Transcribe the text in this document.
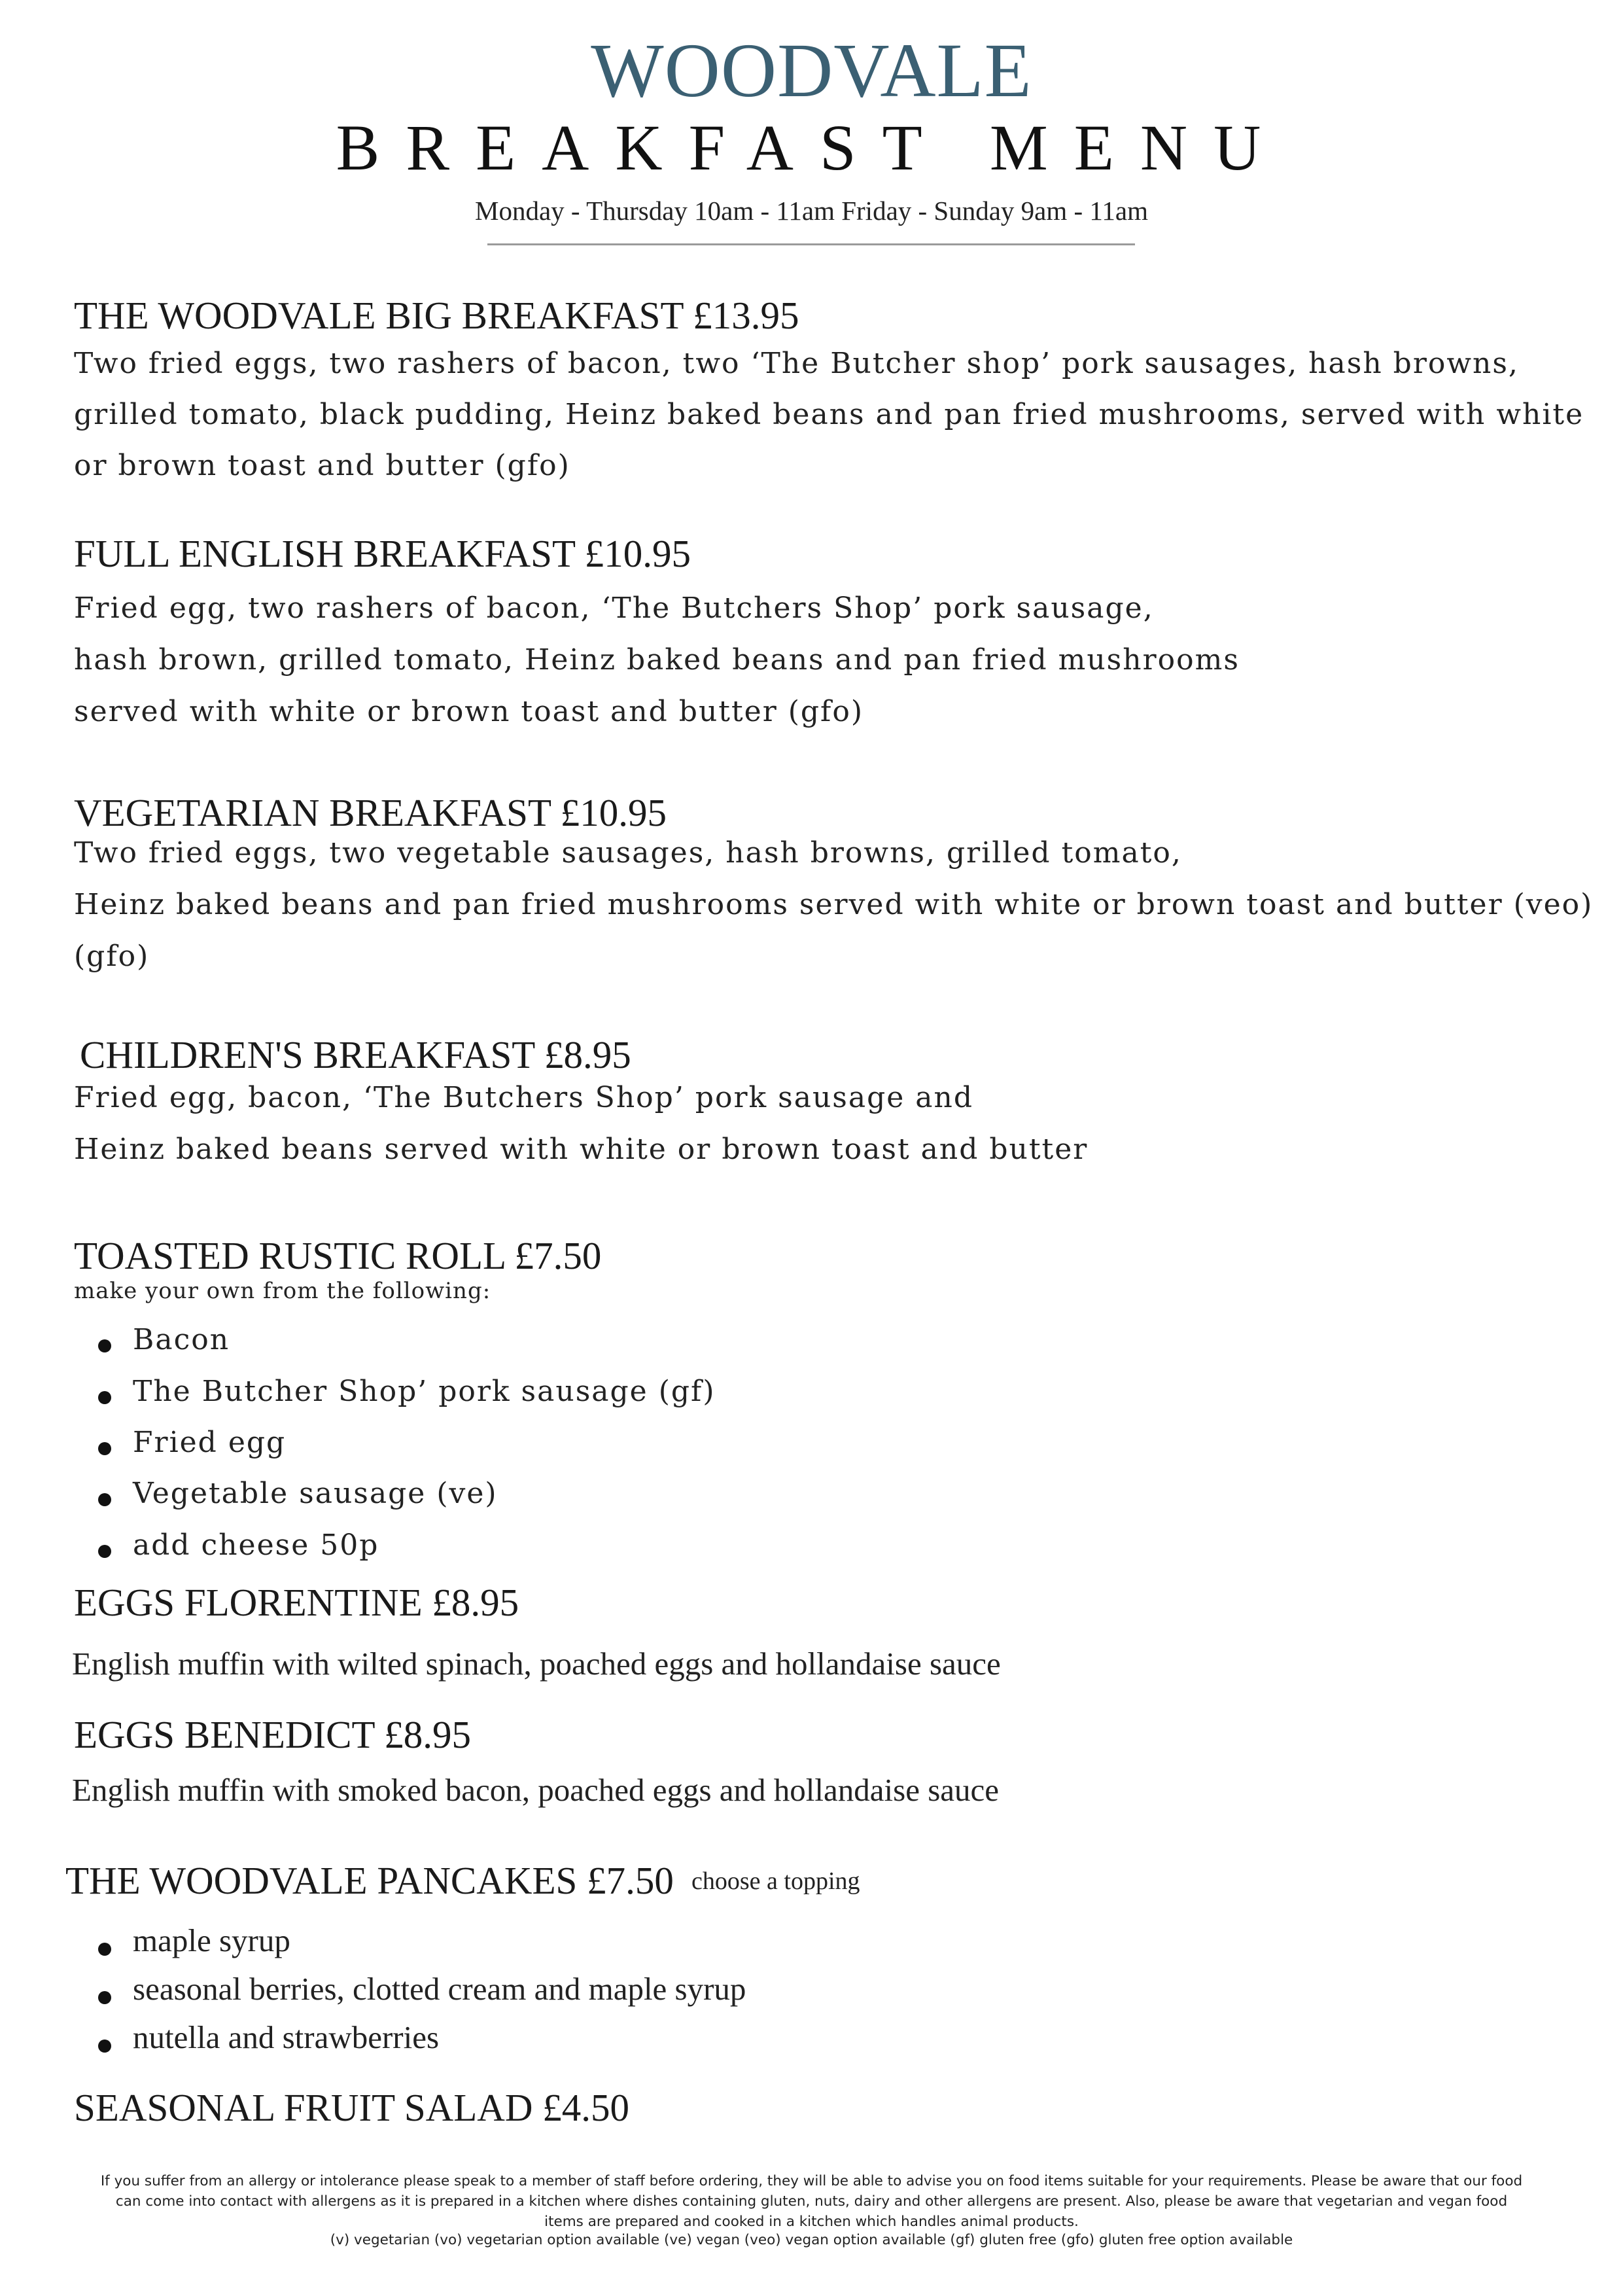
WOODVALE
BREAKFAST MENU
Monday - Thursday 10am - 11am Friday - Sunday 9am - 11am
THE WOODVALE BIG BREAKFAST £13.95
Two fried eggs, two rashers of bacon, two ‘The Butcher shop’ pork sausages, hash browns,
grilled tomato, black pudding, Heinz baked beans and pan fried mushrooms, served with white
or brown toast and butter (gfo)
FULL ENGLISH BREAKFAST £10.95
Fried egg, two rashers of bacon, ‘The Butchers Shop’ pork sausage,
hash brown, grilled tomato, Heinz baked beans and pan fried mushrooms
served with white or brown toast and butter (gfo)
VEGETARIAN BREAKFAST £10.95
Two fried eggs, two vegetable sausages, hash browns, grilled tomato,
Heinz baked beans and pan fried mushrooms served with white or brown toast and butter (veo)
(gfo)
CHILDREN'S BREAKFAST £8.95
Fried egg, bacon, ‘The Butchers Shop’ pork sausage and
Heinz baked beans served with white or brown toast and butter
TOASTED RUSTIC ROLL £7.50
make your own from the following:
Bacon
The Butcher Shop’ pork sausage (gf)
Fried egg
Vegetable sausage (ve)
add cheese 50p
EGGS FLORENTINE £8.95
English muffin with wilted spinach, poached eggs and hollandaise sauce
EGGS BENEDICT £8.95
English muffin with smoked bacon, poached eggs and hollandaise sauce
THE WOODVALE PANCAKES £7.50 choose a topping
maple syrup
seasonal berries, clotted cream and maple syrup
nutella and strawberries
SEASONAL FRUIT SALAD £4.50
If you suffer from an allergy or intolerance please speak to a member of staff before ordering, they will be able to advise you on food items suitable for your requirements. Please be aware that our food can come into contact with allergens as it is prepared in a kitchen where dishes containing gluten, nuts, dairy and other allergens are present. Also, please be aware that vegetarian and vegan food items are prepared and cooked in a kitchen which handles animal products.
(v) vegetarian (vo) vegetarian option available (ve) vegan (veo) vegan option available (gf) gluten free (gfo) gluten free option available
